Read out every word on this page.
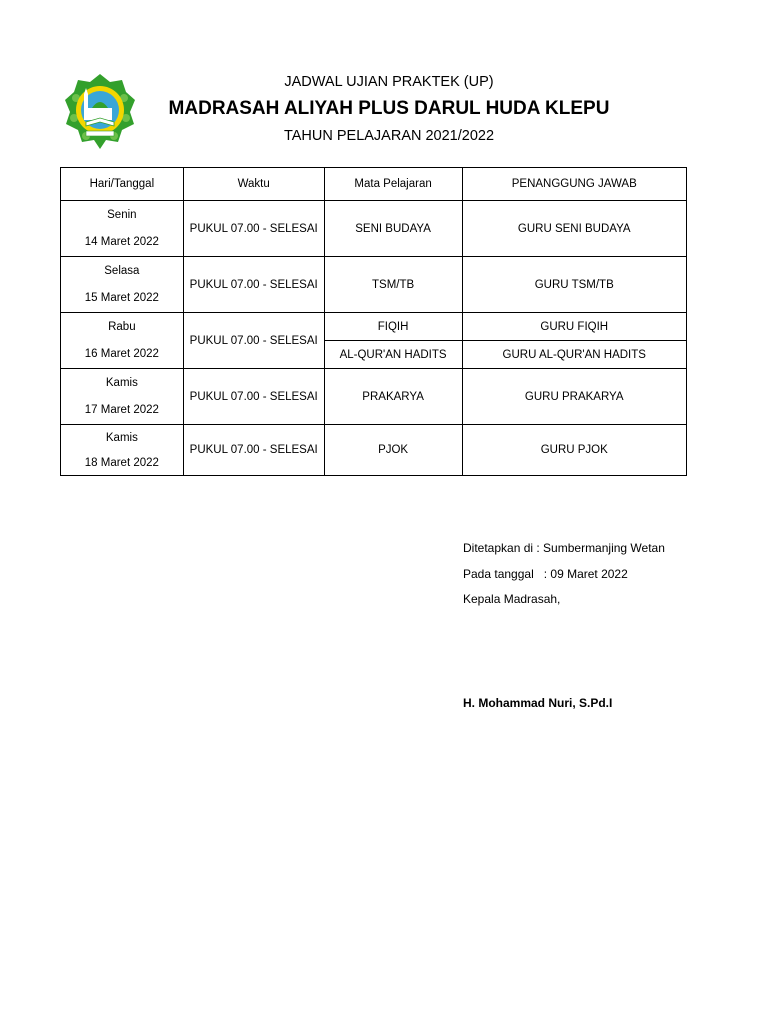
JADWAL UJIAN PRAKTEK (UP)
MADRASAH ALIYAH PLUS DARUL HUDA KLEPU
TAHUN PELAJARAN 2021/2022
Hari/Tanggal	Waktu	Mata Pelajaran	PENANGGUNG JAWAB

Senin
14 Maret 2022	PUKUL 07.00 - SELESAI	SENI BUDAYA	GURU SENI BUDAYA

Selasa
15 Maret 2022	PUKUL 07.00 - SELESAI	TSM/TB	GURU TSM/TB

Rabu
16 Maret 2022	PUKUL 07.00 - SELESAI	FIQIH	GURU FIQIH
		AL-QUR'AN HADITS	GURU AL-QUR'AN HADITS

Kamis
17 Maret 2022	PUKUL 07.00 - SELESAI	PRAKARYA	GURU PRAKARYA

Kamis
18 Maret 2022	PUKUL 07.00 - SELESAI	PJOK	GURU PJOK
Ditetapkan di : Sumbermanjing Wetan
Pada tanggal   : 09 Maret 2022
Kepala Madrasah,
H. Mohammad Nuri, S.Pd.I
